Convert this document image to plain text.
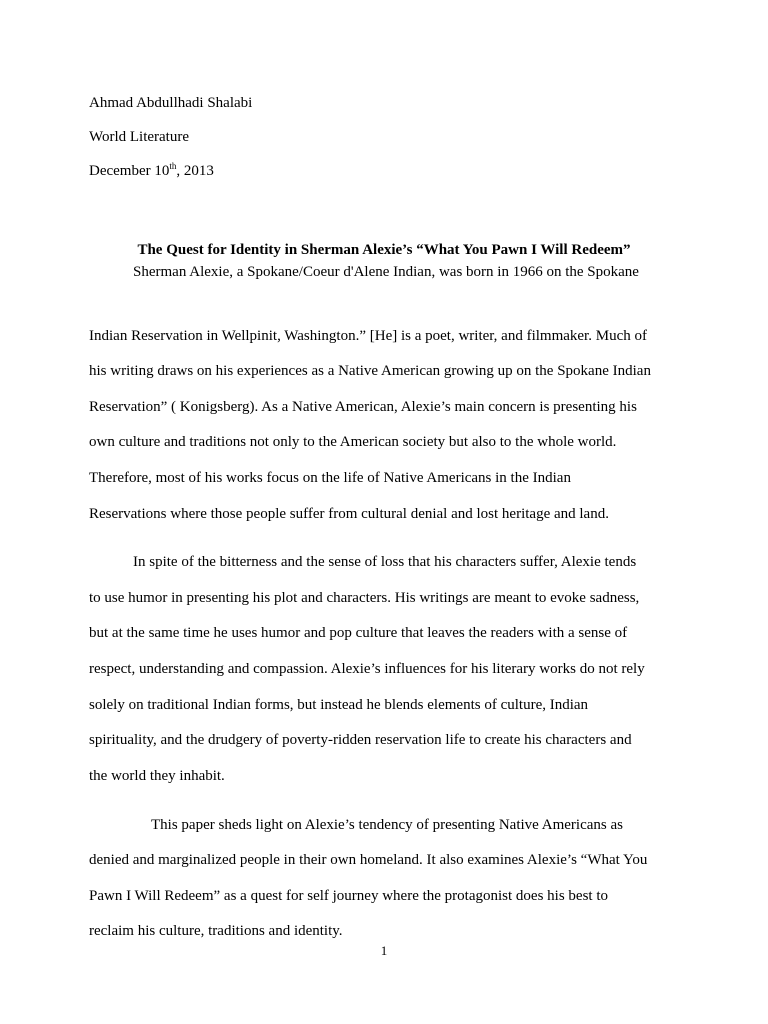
Ahmad Abdullhadi Shalabi
World Literature
December 10th, 2013
The Quest for Identity in Sherman Alexie’s “What You Pawn I Will Redeem”
Sherman Alexie, a Spokane/Coeur d'Alene Indian, was born in 1966 on the Spokane
Indian Reservation in Wellpinit, Washington.” [He] is a poet, writer, and filmmaker. Much of
his writing draws on his experiences as a Native American growing up on the Spokane Indian
Reservation” ( Konigsberg). As a Native American, Alexie’s main concern is presenting his
own culture and traditions not only to the American society but also to the whole world.
Therefore, most of his works focus on the life of Native Americans in the Indian
Reservations where those people suffer from cultural denial and lost heritage and land.
In spite of the bitterness and the sense of loss that his characters suffer, Alexie tends
to use humor in presenting his plot and characters. His writings are meant to evoke sadness,
but at the same time he uses humor and pop culture that leaves the readers with a sense of
respect, understanding and compassion. Alexie’s influences for his literary works do not rely
solely on traditional Indian forms, but instead he blends elements of culture, Indian
spirituality, and the drudgery of poverty-ridden reservation life to create his characters and
the world they inhabit.
This paper sheds light on Alexie’s tendency of presenting Native Americans as
denied and marginalized people in their own homeland. It also examines Alexie’s “What You
Pawn I Will Redeem” as a quest for self journey where the protagonist does his best to
reclaim his culture, traditions and identity.
1
